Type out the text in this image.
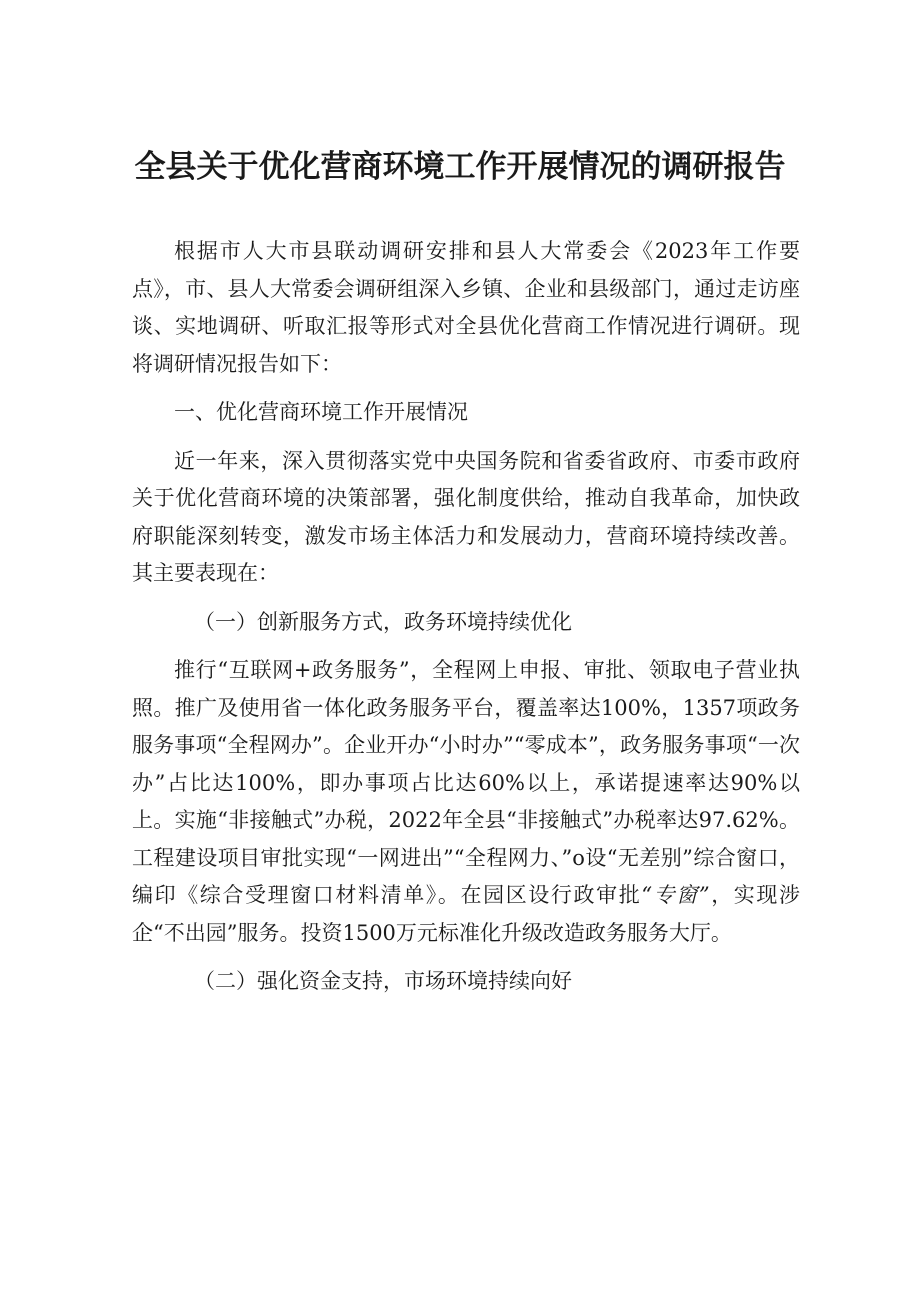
全县关于优化营商环境工作开展情况的调研报告

根据市人大市县联动调研安排和县人大常委会《2023年工作要点》，市、县人大常委会调研组深入乡镇、企业和县级部门，通过走访座谈、实地调研、听取汇报等形式对全县优化营商工作情况进行调研。现将调研情况报告如下：

一、优化营商环境工作开展情况

近一年来，深入贯彻落实党中央国务院和省委省政府、市委市政府关于优化营商环境的决策部署，强化制度供给，推动自我革命，加快政府职能深刻转变，激发市场主体活力和发展动力，营商环境持续改善。其主要表现在：

（一）创新服务方式，政务环境持续优化

推行“互联网+政务服务”，全程网上申报、审批、领取电子营业执照。推广及使用省一体化政务服务平台，覆盖率达100%，1357项政务服务事项“全程网办”。企业开办“小时办”“零成本”，政务服务事项“一次办”占比达100%，即办事项占比达60%以上，承诺提速率达90%以上。实施“非接触式”办税，2022年全县“非接触式”办税率达97.62%。工程建设项目审批实现“一网进出”“全程网力、”o设“无差别”综合窗口，编印《综合受理窗口材料清单》。在园区设行政审批“专窗”，实现涉企“不出园”服务。投资1500万元标准化升级改造政务服务大厅。

（二）强化资金支持，市场环境持续向好
